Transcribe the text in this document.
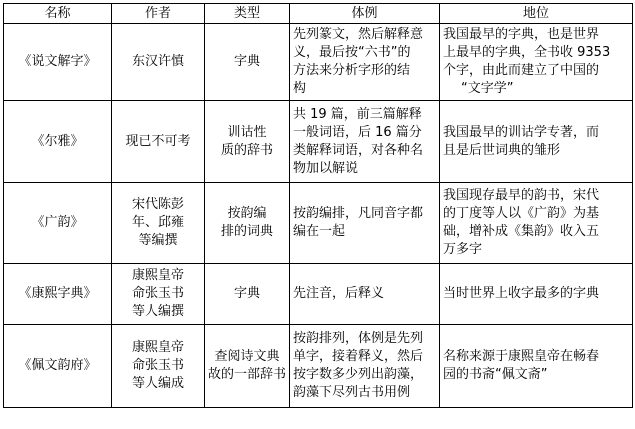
名称	作者	类型	体例	地位

《说文解字》	东汉许慎	字典	先列篆文，然后解释意
义，最后按“六书”的
方法来分析字形的结
构	我国最早的字典，也是世界
上最早的字典，全书收 9353
个字，由此而建立了中国的
“文字学”

《尔雅》	现已不可考	训诂性
质的辞书	共 19 篇，前三篇解释
一般词语，后 16 篇分
类解释词语，对各种名
物加以解说	我国最早的训诂学专著，而
且是后世词典的雏形

《广韵》	宋代陈彭
年、邱雍
等编撰	按韵编
排的词典	按韵编排，凡同音字都
编在一起	我国现存最早的韵书，宋代
的丁度等人以《广韵》为基
础，增补成《集韵》收入五
万多字

《康熙字典》	康熙皇帝
命张玉书
等人编撰	字典	先注音，后释义	当时世界上收字最多的字典

《佩文韵府》	康熙皇帝
命张玉书
等人编成	查阅诗文典
故的一部辞书	按韵排列，体例是先列
单字，接着释义，然后
按字数多少列出韵藻，
韵藻下尽列古书用例	名称来源于康熙皇帝在畅春
园的书斋“佩文斋”
